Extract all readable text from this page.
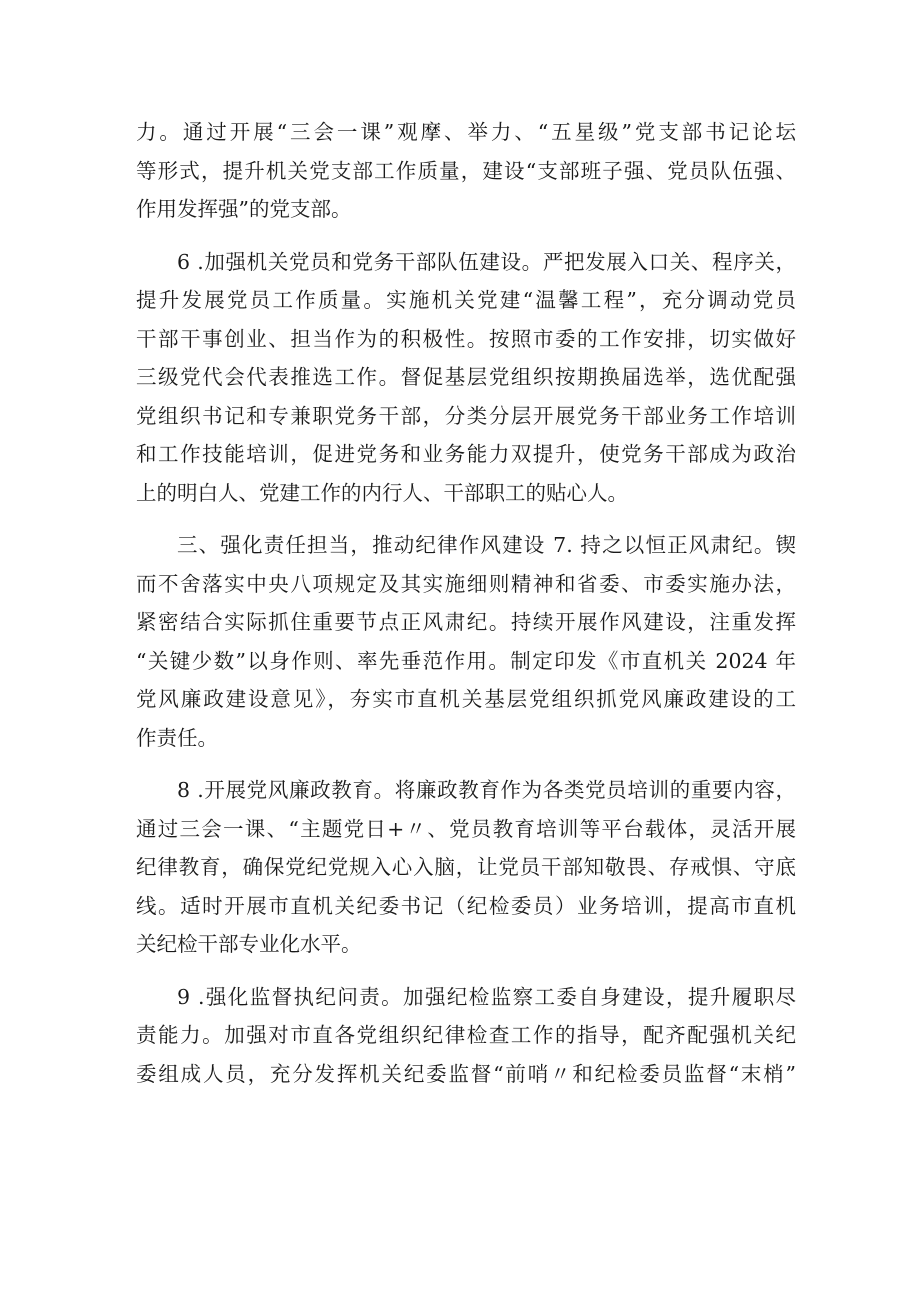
力。通过开展“三会一课”观摩、举力、“五星级”党支部书记论坛
等形式，提升机关党支部工作质量，建设“支部班子强、党员队伍强、
作用发挥强”的党支部。
6 .加强机关党员和党务干部队伍建设。严把发展入口关、程序关，
提升发展党员工作质量。实施机关党建“温馨工程”，充分调动党员
干部干事创业、担当作为的积极性。按照市委的工作安排，切实做好
三级党代会代表推选工作。督促基层党组织按期换届选举，选优配强
党组织书记和专兼职党务干部，分类分层开展党务干部业务工作培训
和工作技能培训，促进党务和业务能力双提升，使党务干部成为政治
上的明白人、党建工作的内行人、干部职工的贴心人。
三、强化责任担当，推动纪律作风建设 7. 持之以恒正风肃纪。锲
而不舍落实中央八项规定及其实施细则精神和省委、市委实施办法，
紧密结合实际抓住重要节点正风肃纪。持续开展作风建设，注重发挥
“关键少数”以身作则、率先垂范作用。制定印发《市直机关 2024 年
党风廉政建设意见》，夯实市直机关基层党组织抓党风廉政建设的工
作责任。
8 .开展党风廉政教育。将廉政教育作为各类党员培训的重要内容，
通过三会一课、“主题党日+〃、党员教育培训等平台载体，灵活开展
纪律教育，确保党纪党规入心入脑，让党员干部知敬畏、存戒惧、守底
线。适时开展市直机关纪委书记（纪检委员）业务培训，提高市直机
关纪检干部专业化水平。
9 .强化监督执纪问责。加强纪检监察工委自身建设，提升履职尽
责能力。加强对市直各党组织纪律检查工作的指导，配齐配强机关纪
委组成人员，充分发挥机关纪委监督“前哨〃和纪检委员监督“末梢”
